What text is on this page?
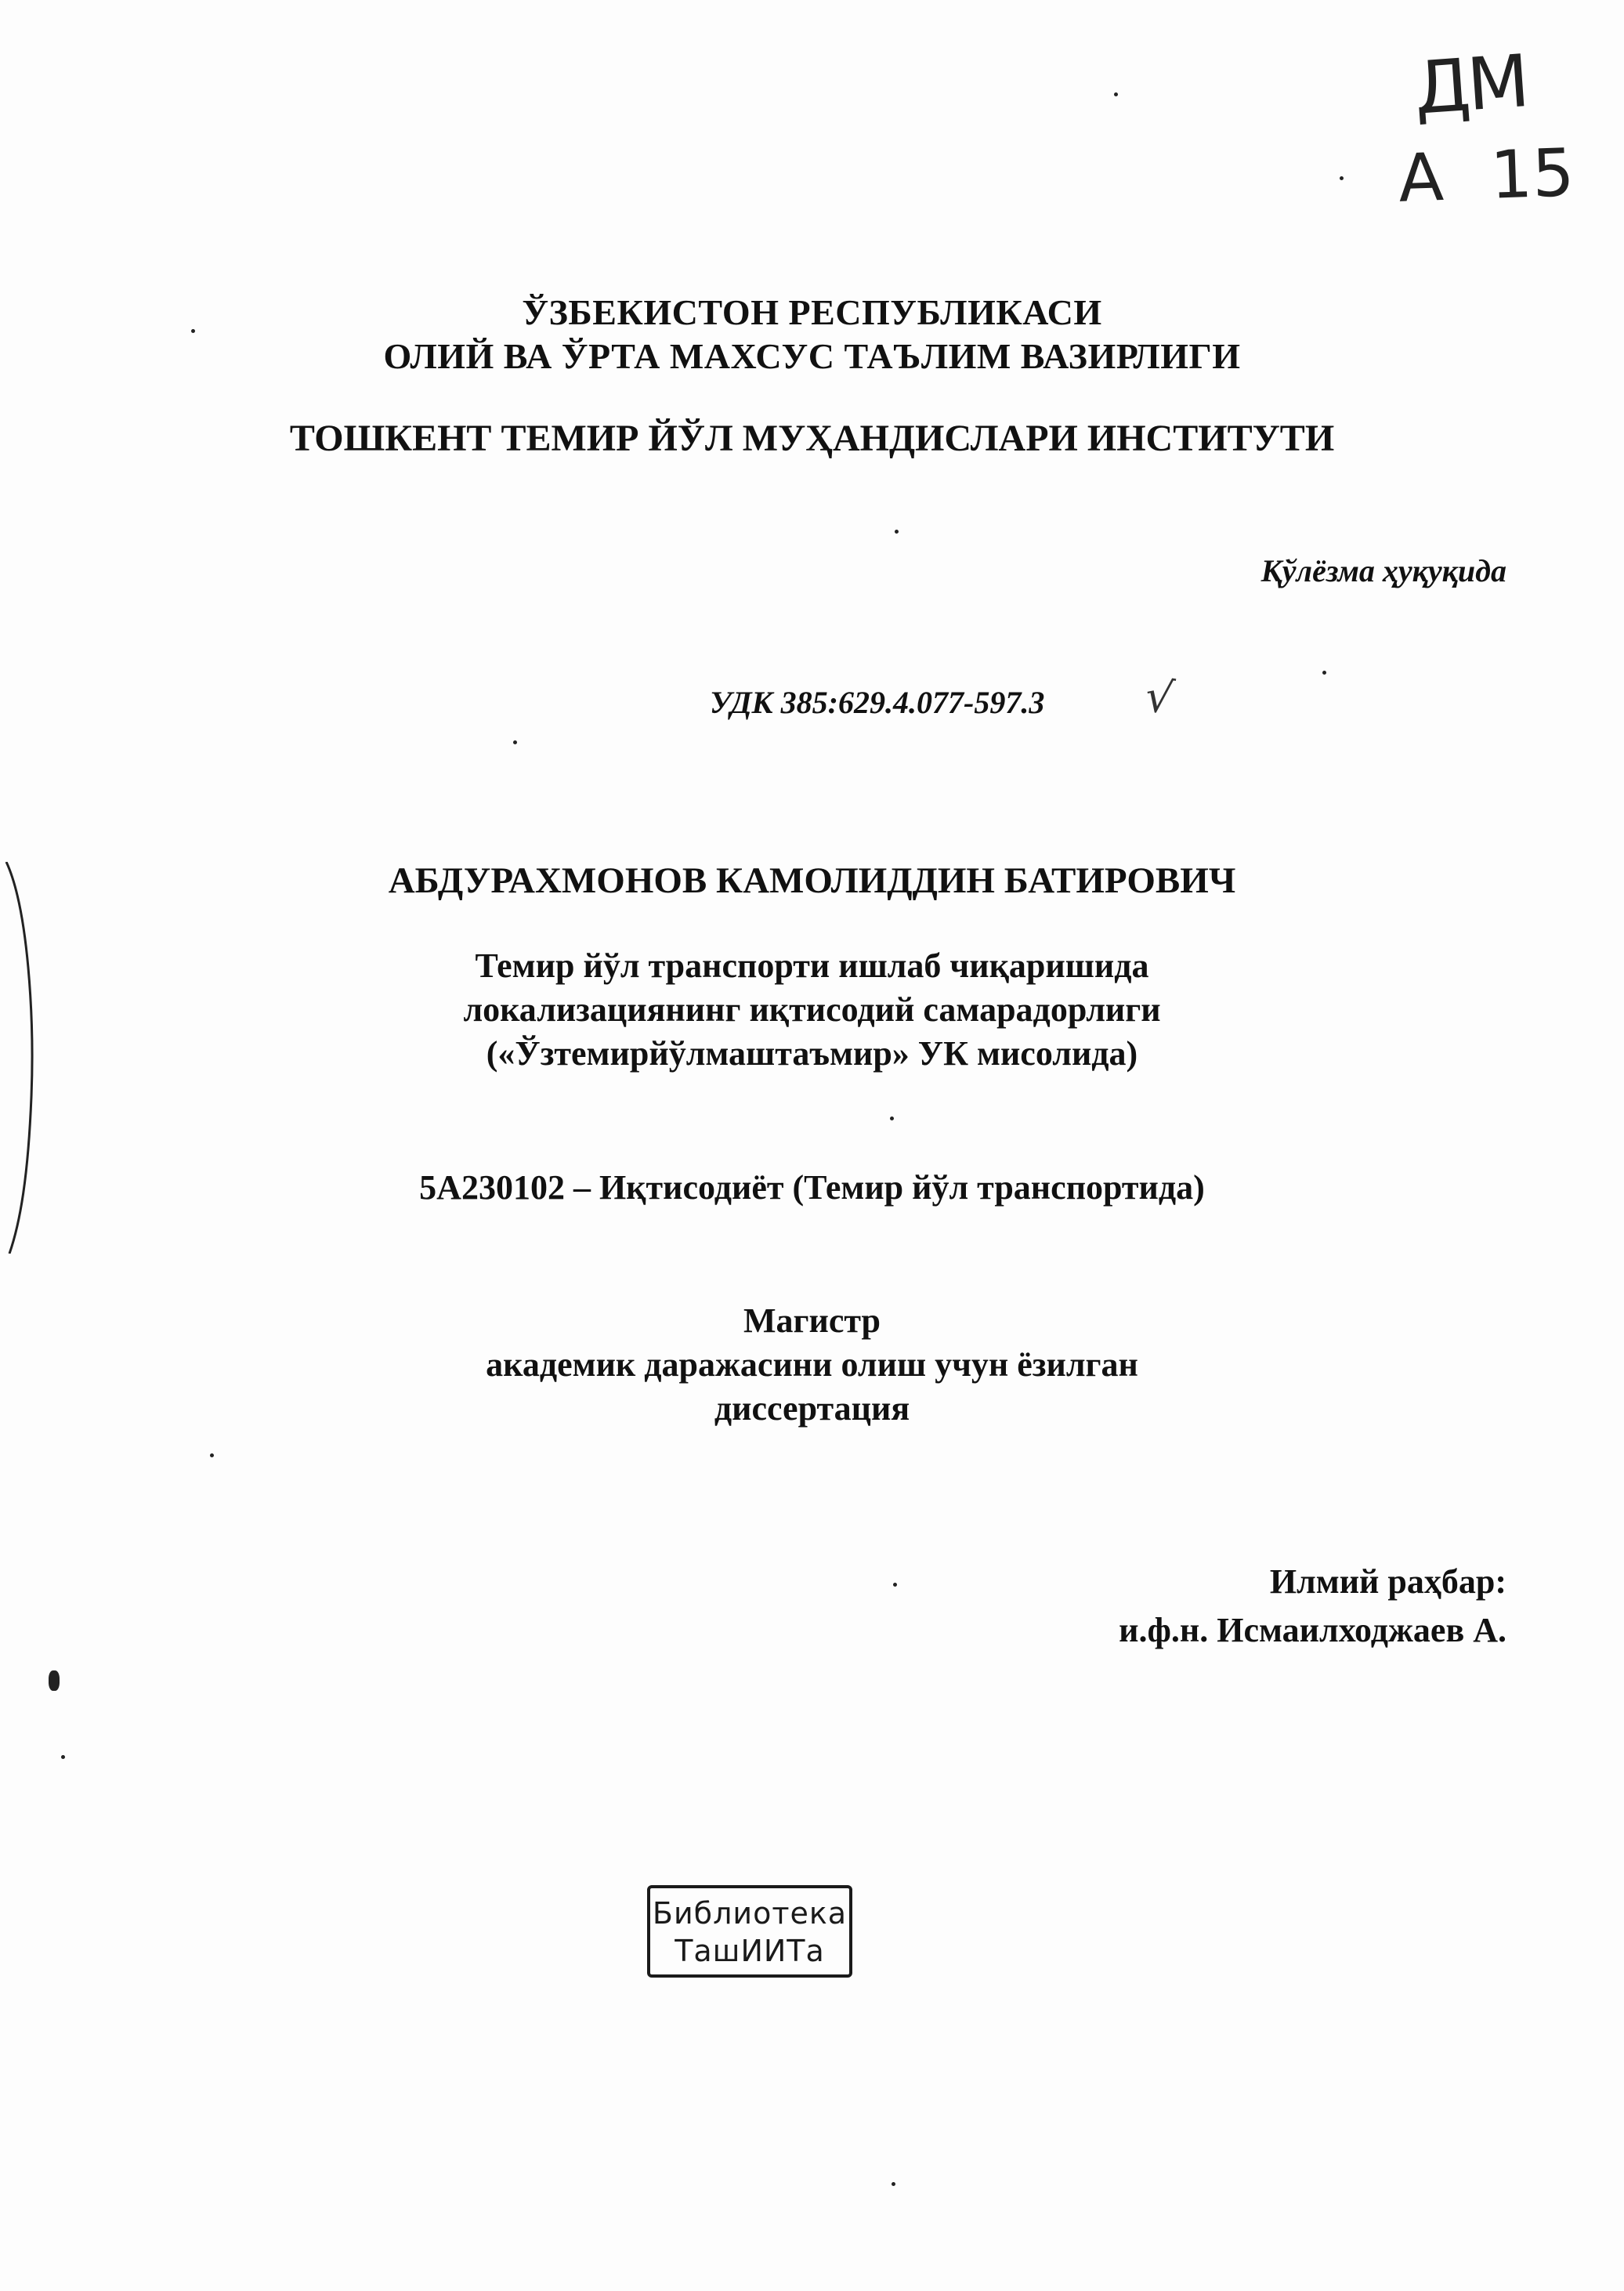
ДМ
А 15
ЎЗБЕКИСТОН РЕСПУБЛИКАСИ
ОЛИЙ ВА ЎРТА МАХСУС ТАЪЛИМ ВАЗИРЛИГИ
ТОШКЕНТ ТЕМИР ЙЎЛ МУҲАНДИСЛАРИ ИНСТИТУТИ
Қўлёзма ҳуқуқида
УДК 385:629.4.077-597.3 √
АБДУРАХМОНОВ КАМОЛИДДИН БАТИРОВИЧ
Темир йўл транспорти ишлаб чиқаришида
локализациянинг иқтисодий самарадорлиги
(«Ўзтемирйўлмаштаъмир» УК мисолида)
5А230102 – Иқтисодиёт (Темир йўл транспортида)
Магистр
академик даражасини олиш учун ёзилган
диссертация
Илмий раҳбар:
и.ф.н. Исмаилходжаев А.
Библиотека
ТашИИТа
